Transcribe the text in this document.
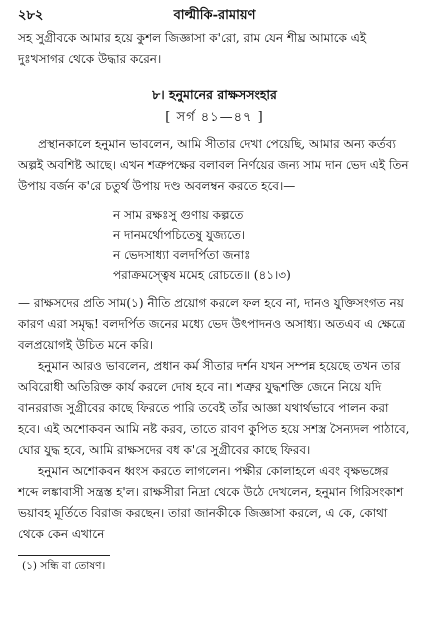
২৮২	বাল্মীকি-রামায়ণ

সহ সুগ্রীবকে আমার হয়ে কুশল জিজ্ঞাসা ক'রো, রাম যেন শীঘ্র আমাকে এই দুঃখসাগর থেকে উদ্ধার করেন।

৮। হনুমানের রাক্ষসসংহার

[ সর্গ ৪১—৪৭ ]

প্রস্থানকালে হনুমান ভাবলেন, আমি সীতার দেখা পেয়েছি, আমার অন্য কর্তব্য অল্পই অবশিষ্ট আছে। এখন শত্রুপক্ষের বলাবল নির্ণয়ের জন্য সাম দান ভেদ এই তিন উপায় বর্জন ক'রে চতুর্থ উপায় দণ্ড অবলম্বন করতে হবে।—

ন সাম রক্ষঃসু গুণায় কল্পতে

ন দানমর্থোপচিতেষু যুজ্যতে।

ন ভেদসাধ্যা বলদর্পিতা জনাঃ

পরাক্রমস্ত্বেষ মমেহ রোচতে॥ (৪১।৩)

— রাক্ষসদের প্রতি সাম(১) নীতি প্রয়োগ করলে ফল হবে না, দানও যুক্তিসংগত নয় কারণ এরা সমৃদ্ধ! বলদর্পিত জনের মধ্যে ভেদ উৎপাদনও অসাধ্য। অতএব এ ক্ষেত্রে বলপ্রয়োগই উচিত মনে করি।

হনুমান আরও ভাবলেন, প্রধান কর্ম সীতার দর্শন যখন সম্পন্ন হয়েছে তখন তার অবিরোধী অতিরিক্ত কার্য করলে দোষ হবে না। শত্রুর যুদ্ধশক্তি জেনে নিয়ে যদি বানররাজ সুগ্রীবের কাছে ফিরতে পারি তবেই তাঁর আজ্ঞা যথার্থভাবে পালন করা হবে। এই অশোকবন আমি নষ্ট করব, তাতে রাবণ কুপিত হয়ে সশস্ত্র সৈন্যদল পাঠাবে, ঘোর যুদ্ধ হবে, আমি রাক্ষসদের বধ ক'রে সুগ্রীবের কাছে ফিরব।

হনুমান অশোকবন ধ্বংস করতে লাগলেন। পক্ষীর কোলাহলে এবং বৃক্ষভঙ্গের শব্দে লঙ্কাবাসী সন্ত্রস্ত হ'ল। রাক্ষসীরা নিদ্রা থেকে উঠে দেখলেন, হনুমান গিরিসংকাশ ভয়াবহ মূর্তিতে বিরাজ করছেন। তারা জানকীকে জিজ্ঞাসা করলে, এ কে, কোথা থেকে কেন এখানে

(১) সন্ধি বা তোষণ।
